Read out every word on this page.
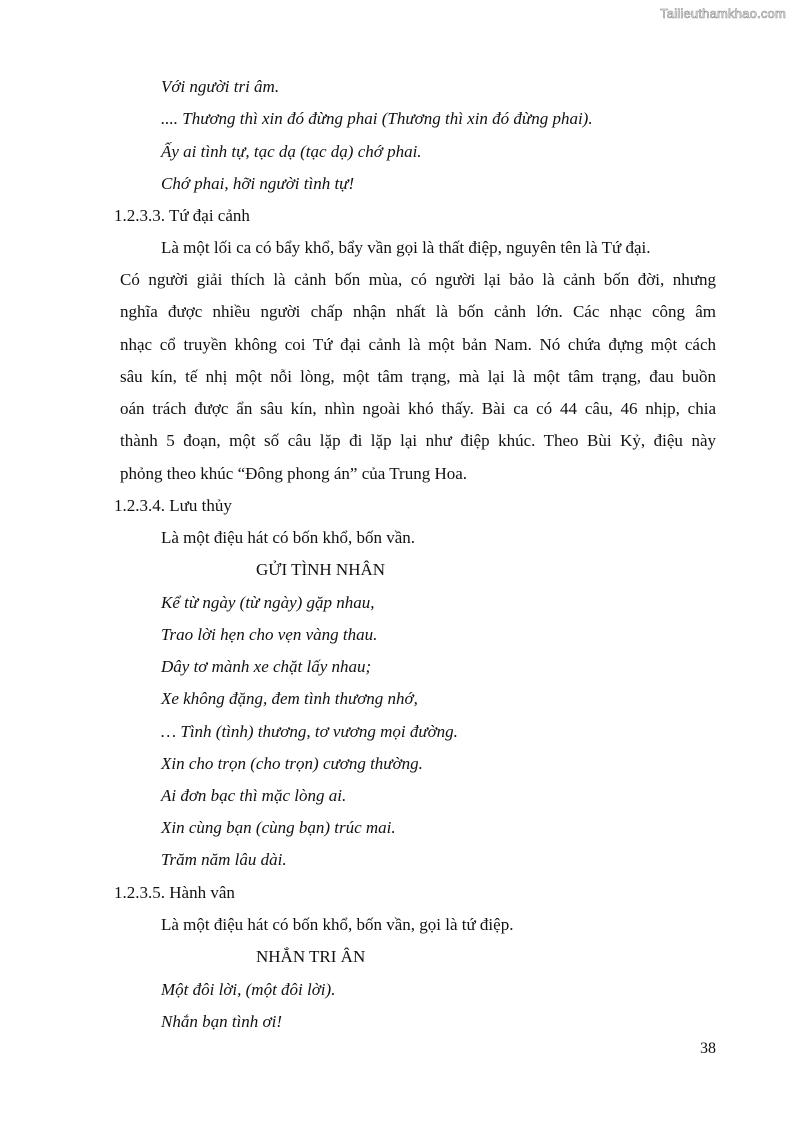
Tailieuthamkhao.com
Với người tri âm.
.... Thương thì xin đó đừng phai (Thương thì xin đó đừng phai).
Ấy ai tình tự, tạc dạ (tạc dạ) chớ phai.
Chớ phai, hỡi người tình tự!
1.2.3.3. Tứ đại cảnh
Là một lối ca có bẩy khổ, bẩy vần gọi là thất điệp, nguyên tên là Tứ đại.
Có người giải thích là cảnh bốn mùa, có người lại bảo là cảnh bốn đời, nhưng
nghĩa được nhiều người chấp nhận nhất là bốn cảnh lớn. Các nhạc công âm
nhạc cổ truyền không coi Tứ đại cảnh là một bản Nam. Nó chứa đựng một cách
sâu kín, tế nhị một nỗi lòng, một tâm trạng, mà lại là một tâm trạng, đau buồn
oán trách được ẩn sâu kín, nhìn ngoài khó thấy. Bài ca có 44 câu, 46 nhịp, chia
thành 5 đoạn, một số câu lặp đi lặp lại như điệp khúc. Theo Bùi Kỷ, điệu này
phỏng theo khúc “Đông phong án” của Trung Hoa.
1.2.3.4. Lưu thủy
Là một điệu hát có bốn khổ, bốn vần.
GỬI TÌNH NHÂN
Kể từ ngày (từ ngày) gặp nhau,
Trao lời hẹn cho vẹn vàng thau.
Dây tơ mành xe chặt lấy nhau;
Xe không đặng, đem tình thương nhớ,
… Tình (tình) thương, tơ vương mọi đường.
Xin cho trọn (cho trọn) cương thường.
Ai đơn bạc thì mặc lòng ai.
Xin cùng bạn (cùng bạn) trúc mai.
Trăm năm lâu dài.
1.2.3.5. Hành vân
Là một điệu hát có bốn khổ, bốn vần, gọi là tứ điệp.
NHẮN TRI ÂN
Một đôi lời, (một đôi lời).
Nhắn bạn tình ơi!
38
